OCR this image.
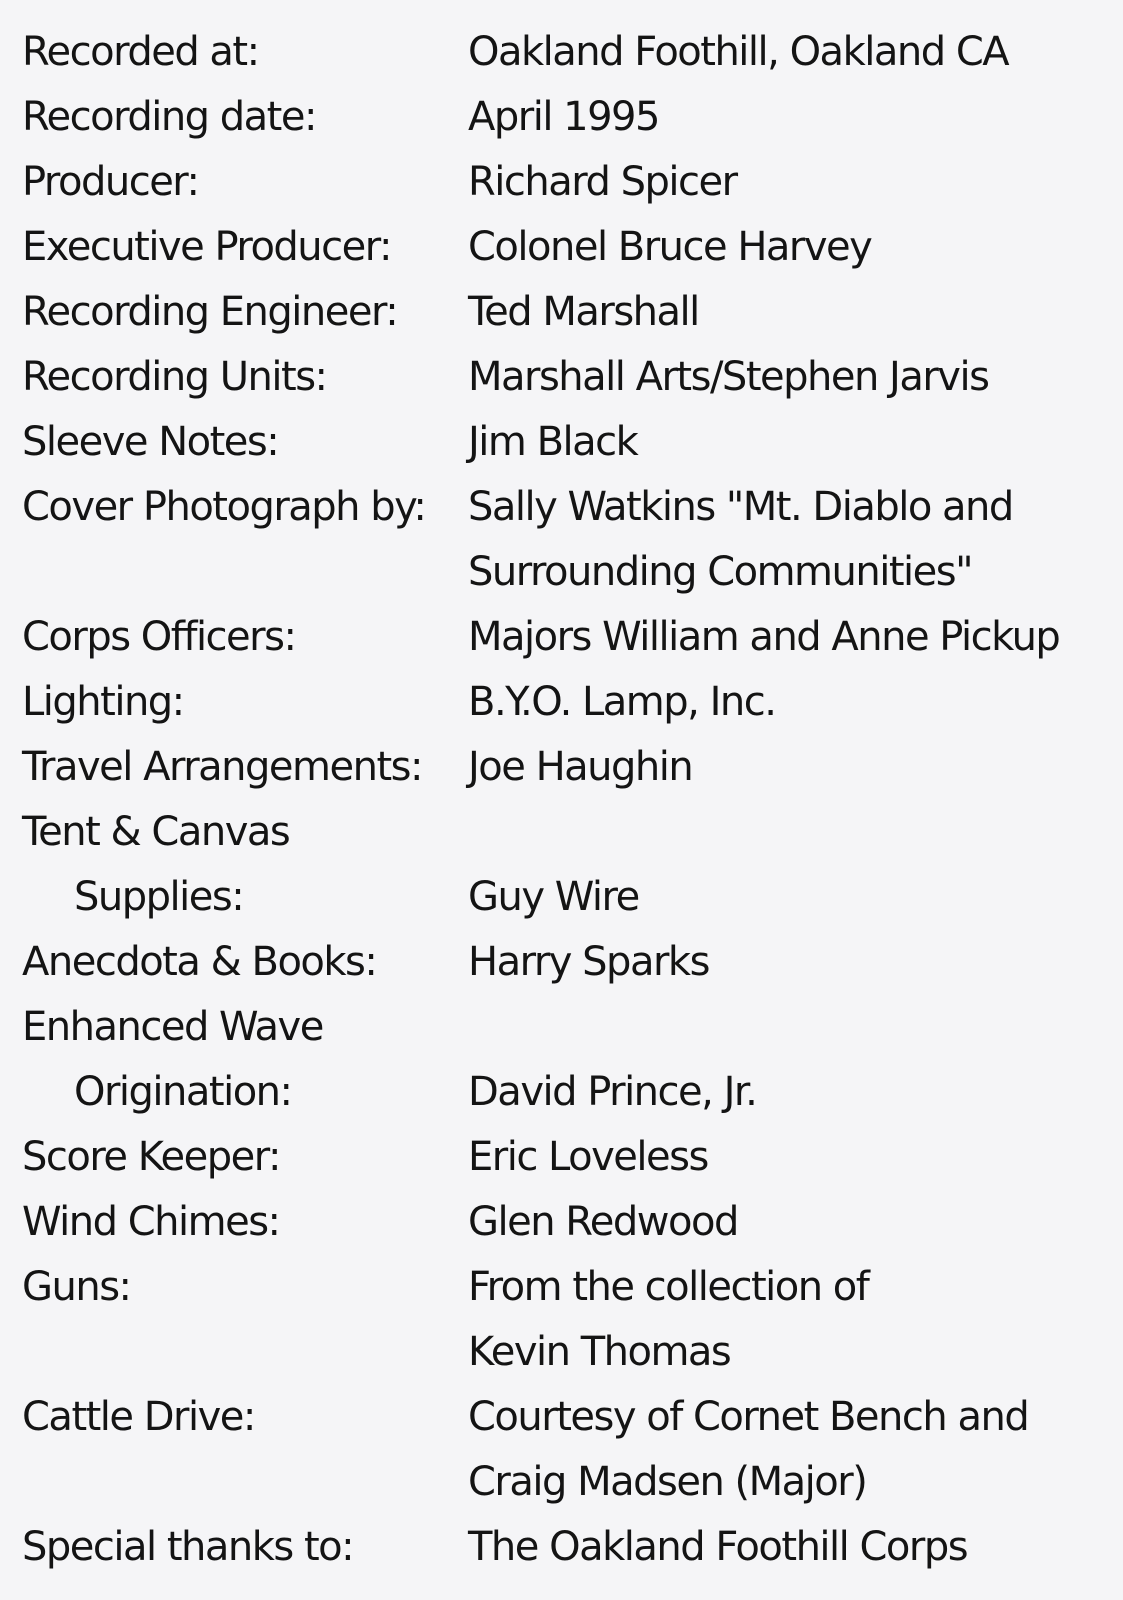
Recorded at:	Oakland Foothill, Oakland CA
Recording date:	April 1995
Producer:	Richard Spicer
Executive Producer:	Colonel Bruce Harvey
Recording Engineer:	Ted Marshall
Recording Units:	Marshall Arts/Stephen Jarvis
Sleeve Notes:	Jim Black
Cover Photograph by:	Sally Watkins "Mt. Diablo and
Surrounding Communities"
Corps Officers:	Majors William and Anne Pickup
Lighting:	B.Y.O. Lamp, Inc.
Travel Arrangements:	Joe Haughin
Tent & Canvas
Supplies:	Guy Wire
Anecdota & Books:	Harry Sparks
Enhanced Wave
Origination:	David Prince, Jr.
Score Keeper:	Eric Loveless
Wind Chimes:	Glen Redwood
Guns:	From the collection of
Kevin Thomas
Cattle Drive:	Courtesy of Cornet Bench and
Craig Madsen (Major)
Special thanks to:	The Oakland Foothill Corps
